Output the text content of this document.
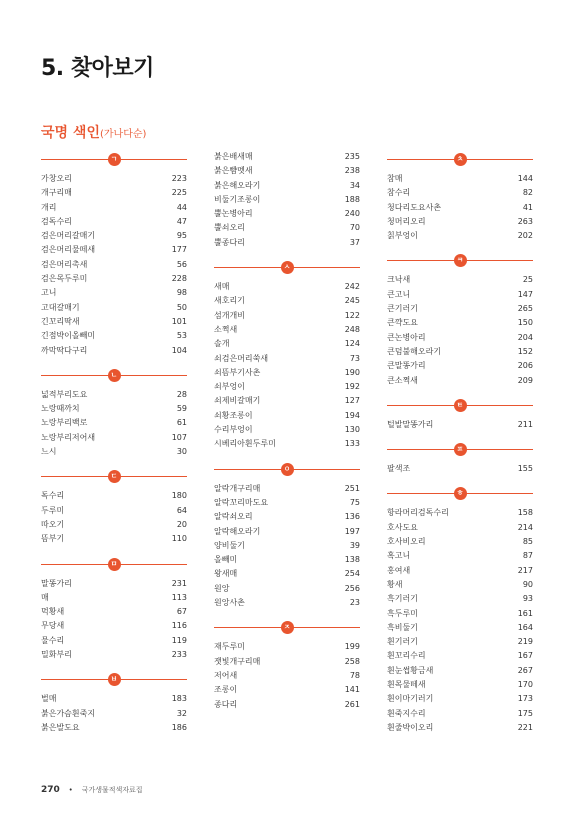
5. 찾아보기
국명 색인(가나다순)
ㄱ
가창오리	223
개구리매	225
개리	44
검독수리	47
검은머리갈매기	95
검은머리물떼새	177
검은머리촉새	56
검은목두루미	228
고니	98
고대갈매기	50
긴꼬리딱새	101
긴점박이올빼미	53
까막딱다구리	104
ㄴ
넓적부리도요	28
노랑때까치	59
노랑부리백로	61
노랑부리저어새	107
느시	30
ㄷ
독수리	180
두루미	64
따오기	20
뜸부기	110
ㅁ
말똥가리	231
매	113
먹황새	67
무당새	116
물수리	119
밀화부리	233
ㅂ
벌매	183
붉은가슴흰죽지	32
붉은발도요	186
붉은배새매	235
붉은뺨멧새	238
붉은해오라기	34
비둘기조롱이	188
뿔논병아리	240
뿔쇠오리	70
뿔종다리	37
ㅅ
새매	242
새호리기	245
섬개개비	122
소쩍새	248
솔개	124
쇠검은머리쑥새	73
쇠뜸부기사촌	190
쇠부엉이	192
쇠제비갈매기	127
쇠황조롱이	194
수리부엉이	130
시베리아흰두루미	133
ㅇ
알락개구리매	251
알락꼬리마도요	75
알락쇠오리	136
알락해오라기	197
양비둘기	39
올빼미	138
왕새매	254
원앙	256
원앙사촌	23
ㅈ
재두루미	199
잿빛개구리매	258
저어새	78
조롱이	141
종다리	261
ㅊ
참매	144
참수리	82
청다리도요사촌	41
청머리오리	263
칡부엉이	202
ㅋ
크낙새	25
큰고니	147
큰기러기	265
큰꺅도요	150
큰논병아리	204
큰덤불해오라기	152
큰말똥가리	206
큰소쩍새	209
ㅌ
털발말똥가리	211
ㅍ
팔색조	155
ㅎ
항라머리검독수리	158
호사도요	214
호사비오리	85
혹고니	87
홍여새	217
황새	90
흑기러기	93
흑두루미	161
흑비둘기	164
흰기러기	219
흰꼬리수리	167
흰눈썹황금새	267
흰목물떼새	170
흰이마기러기	173
흰죽지수리	175
흰줄박이오리	221
270 • 국가생물적색자료집
